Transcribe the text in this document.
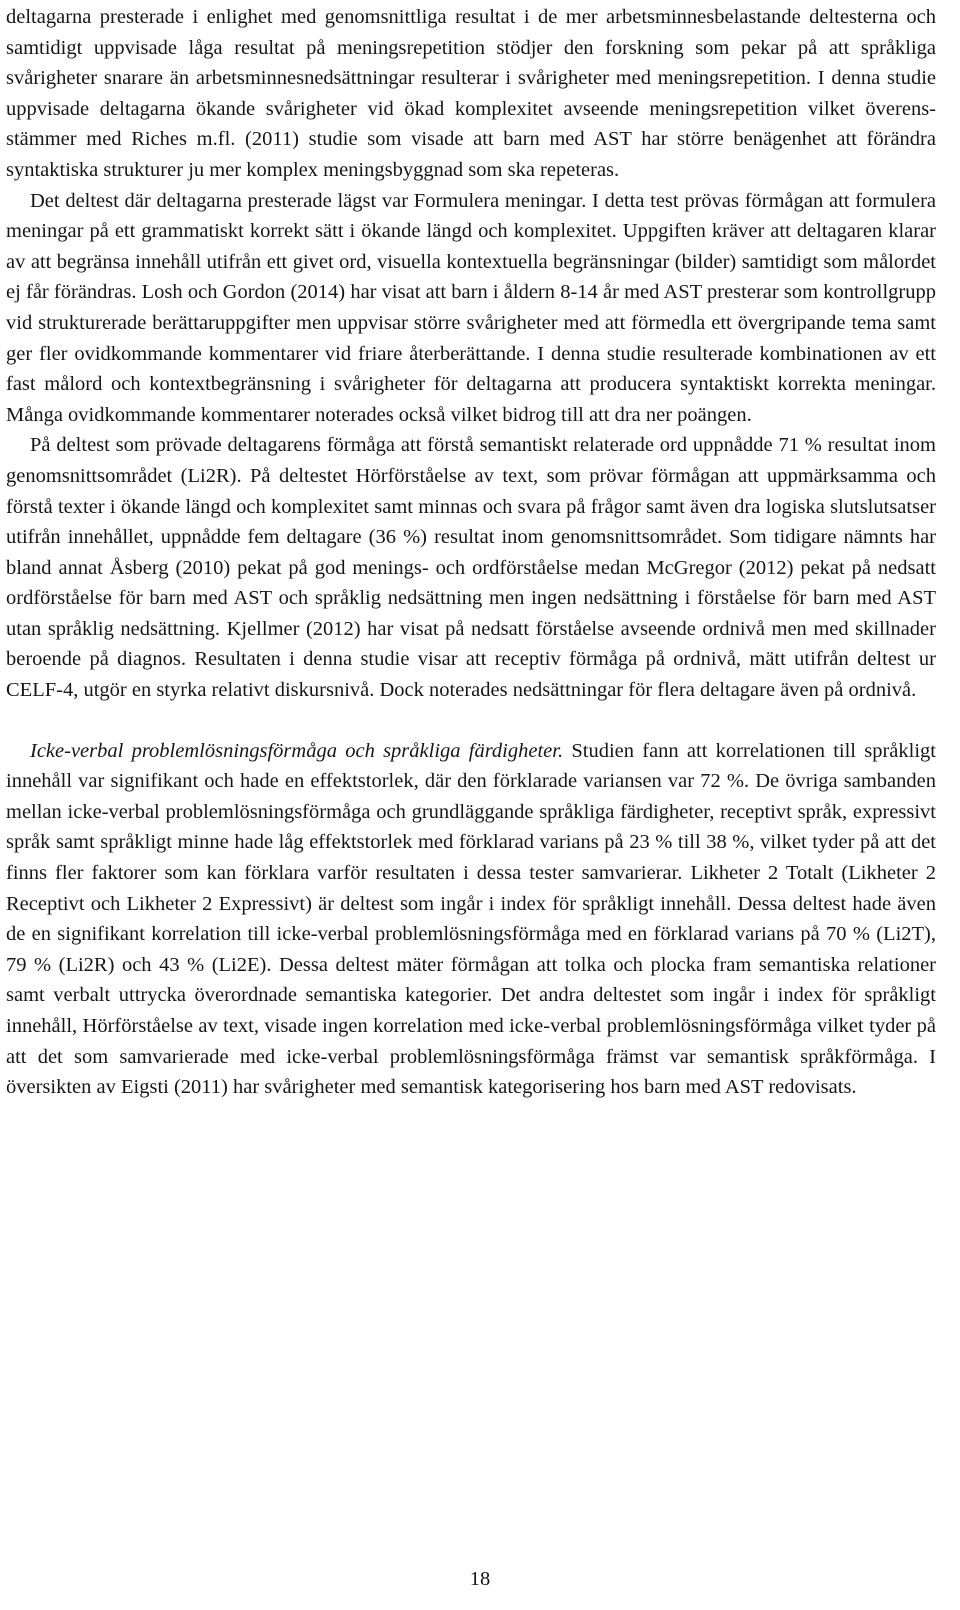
deltagarna presterade i enlighet med genomsnittliga resultat i de mer arbetsminnesbelastande deltesterna och samtidigt uppvisade låga resultat på meningsrepetition stödjer den forskning som pekar på att språkliga svårigheter snarare än arbetsminnesnedsättningar resulterar i svårigheter med meningsrepetition. I denna studie uppvisade deltagarna ökande svårigheter vid ökad komplexitet avseende meningsrepetition vilket överensstämmer med Riches m.fl. (2011) studie som visade att barn med AST har större benägenhet att förändra syntaktiska strukturer ju mer komplex meningsbyggnad som ska repeteras.

Det deltest där deltagarna presterade lägst var Formulera meningar. I detta test prövas förmågan att formulera meningar på ett grammatiskt korrekt sätt i ökande längd och komplexitet. Uppgiften kräver att deltagaren klarar av att begränsa innehåll utifrån ett givet ord, visuella kontextuella begränsningar (bilder) samtidigt som målordet ej får förändras. Losh och Gordon (2014) har visat att barn i åldern 8-14 år med AST presterar som kontrollgrupp vid strukturerade berättaruppgifter men uppvisar större svårigheter med att förmedla ett övergripande tema samt ger fler ovidkommande kommentarer vid friare återberättande. I denna studie resulterade kombinationen av ett fast målord och kontextbegränsning i svårigheter för deltagarna att producera syntaktiskt korrekta meningar. Många ovidkommande kommentarer noterades också vilket bidrog till att dra ner poängen.

På deltest som prövade deltagarens förmåga att förstå semantiskt relaterade ord uppnådde 71 % resultat inom genomsnittsområdet (Li2R). På deltestet Hörförståelse av text, som prövar förmågan att uppmärksamma och förstå texter i ökande längd och komplexitet samt minnas och svara på frågor samt även dra logiska slutslutsatser utifrån innehållet, uppnådde fem deltagare (36 %) resultat inom genomsnittsområdet. Som tidigare nämnts har bland annat Åsberg (2010) pekat på god menings- och ordförståelse medan McGregor (2012) pekat på nedsatt ordförståelse för barn med AST och språklig nedsättning men ingen nedsättning i förståelse för barn med AST utan språklig nedsättning. Kjellmer (2012) har visat på nedsatt förståelse avseende ordnivå men med skillnader beroende på diagnos. Resultaten i denna studie visar att receptiv förmåga på ordnivå, mätt utifrån deltest ur CELF-4, utgör en styrka relativt diskursnivå. Dock noterades nedsättningar för flera deltagare även på ordnivå.

Icke-verbal problemlösningsförmåga och språkliga färdigheter. Studien fann att korrelationen till språkligt innehåll var signifikant och hade en effektstorlek, där den förklarade variansen var 72 %. De övriga sambanden mellan icke-verbal problemlösningsförmåga och grundläggande språkliga färdigheter, receptivt språk, expressivt språk samt språkligt minne hade låg effektstorlek med förklarad varians på 23 % till 38 %, vilket tyder på att det finns fler faktorer som kan förklara varför resultaten i dessa tester samvarierar. Likheter 2 Totalt (Likheter 2 Receptivt och Likheter 2 Expressivt) är deltest som ingår i index för språkligt innehåll. Dessa deltest hade även de en signifikant korrelation till icke-verbal problemlösningsförmåga med en förklarad varians på 70 % (Li2T), 79 % (Li2R) och 43 % (Li2E). Dessa deltest mäter förmågan att tolka och plocka fram semantiska relationer samt verbalt uttrycka överordnade semantiska kategorier. Det andra deltestet som ingår i index för språkligt innehåll, Hörförståelse av text, visade ingen korrelation med icke-verbal problemlösningsförmåga vilket tyder på att det som samvarierade med icke-verbal problemlösningsförmåga främst var semantisk språkförmåga. I översikten av Eigsti (2011) har svårigheter med semantisk kategorisering hos barn med AST redovisats.

18
